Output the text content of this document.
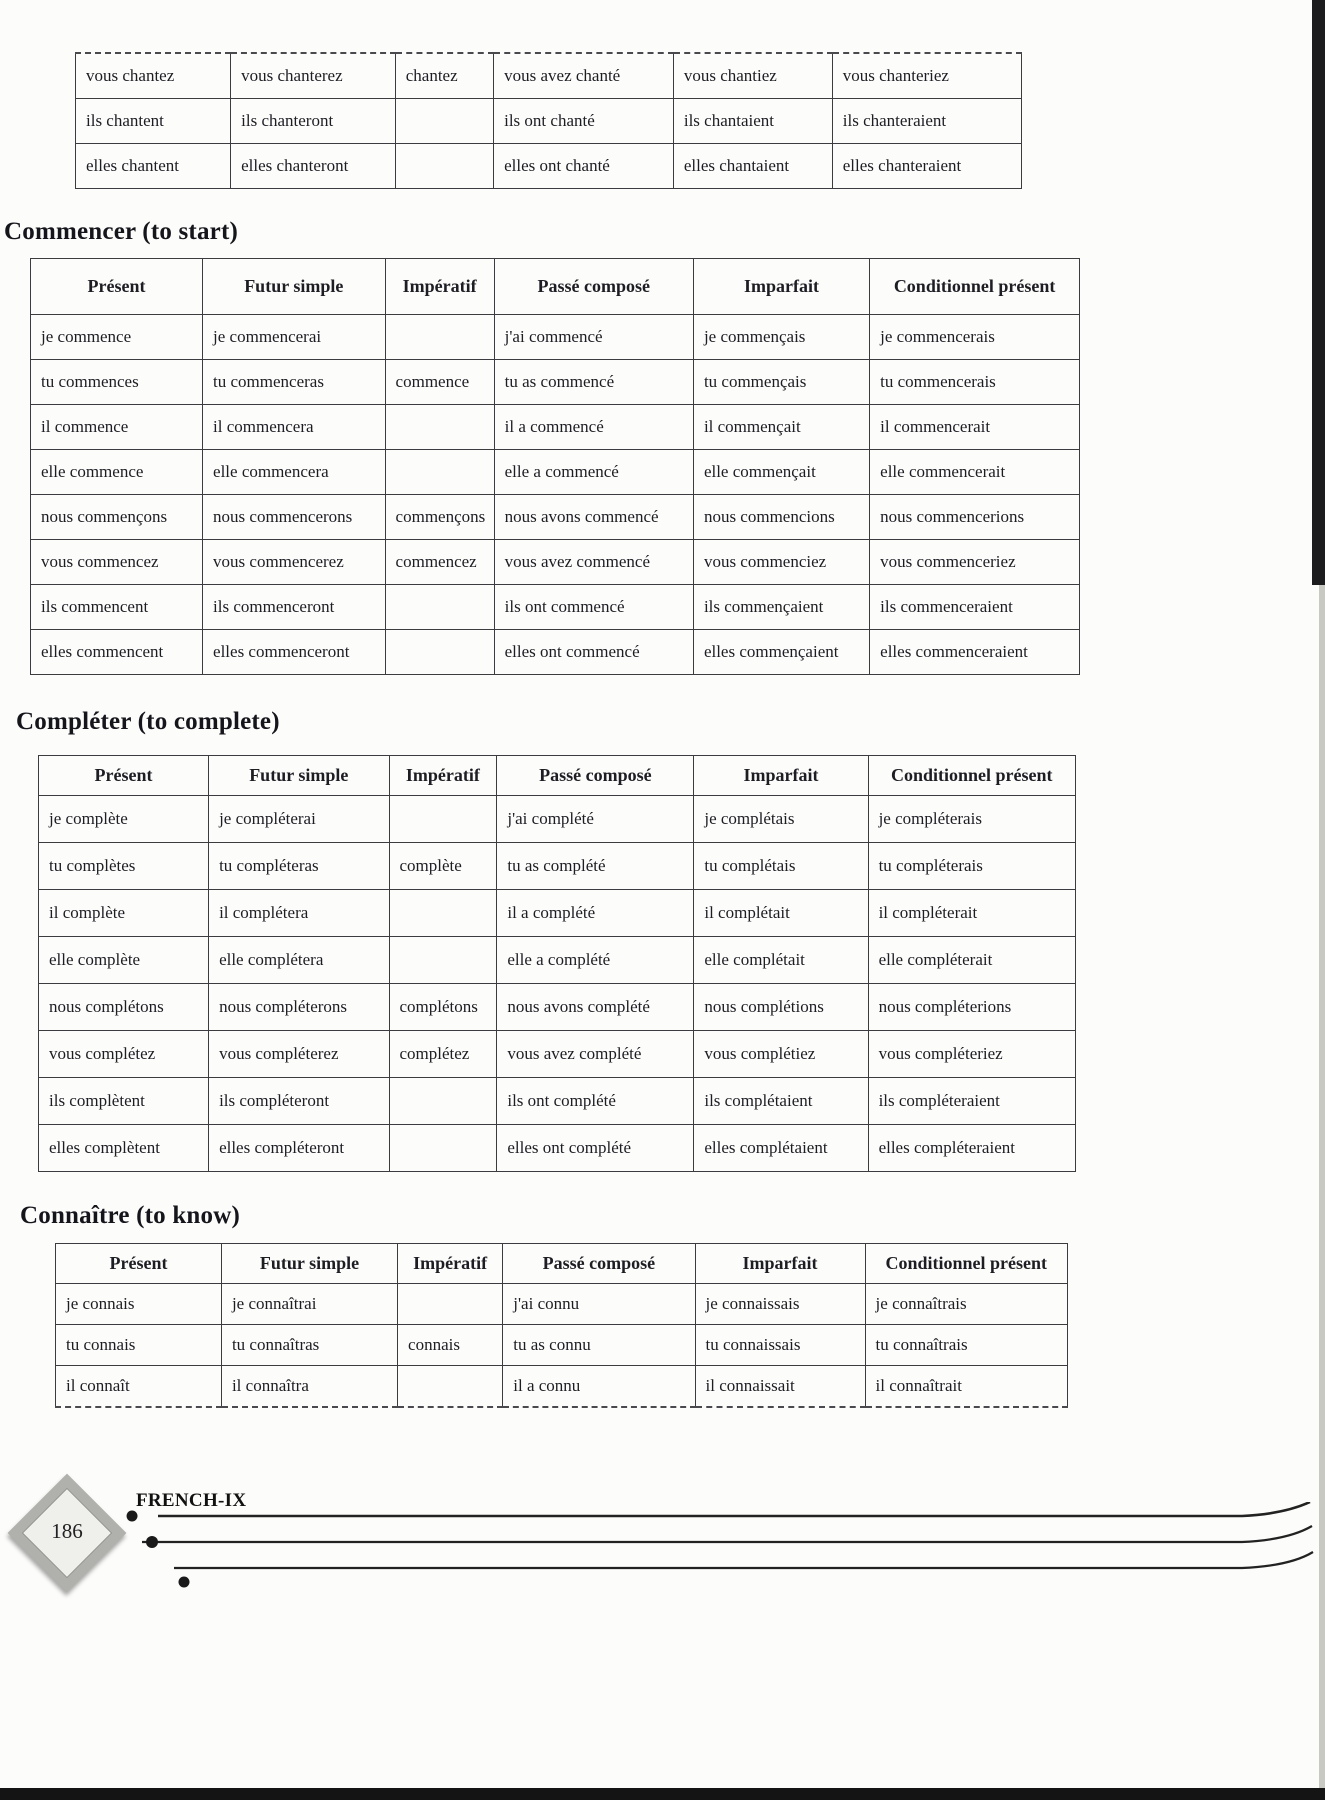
vous chantez	vous chanterez	chantez	vous avez chanté	vous chantiez	vous chanteriez
ils chantent	ils chanteront		ils ont chanté	ils chantaient	ils chanteraient
elles chantent	elles chanteront		elles ont chanté	elles chantaient	elles chanteraient
Commencer (to start)
Présent	Futur simple	Impératif	Passé composé	Imparfait	Conditionnel présent
je commence	je commencerai		j'ai commencé	je commençais	je commencerais
tu commences	tu commenceras	commence	tu as commencé	tu commençais	tu commencerais
il commence	il commencera		il a commencé	il commençait	il commencerait
elle commence	elle commencera		elle a commencé	elle commençait	elle commencerait
nous commençons	nous commencerons	commençons	nous avons commencé	nous commencions	nous commencerions
vous commencez	vous commencerez	commencez	vous avez commencé	vous commenciez	vous commenceriez
ils commencent	ils commenceront		ils ont commencé	ils commençaient	ils commenceraient
elles commencent	elles commenceront		elles ont commencé	elles commençaient	elles commenceraient
Compléter (to complete)
Présent	Futur simple	Impératif	Passé composé	Imparfait	Conditionnel présent
je complète	je compléterai		j'ai complété	je complétais	je compléterais
tu complètes	tu compléteras	complète	tu as complété	tu complétais	tu compléterais
il complète	il complétera		il a complété	il complétait	il compléterait
elle complète	elle complétera		elle a complété	elle complétait	elle compléterait
nous complétons	nous compléterons	complétons	nous avons complété	nous complétions	nous compléterions
vous complétez	vous compléterez	complétez	vous avez complété	vous complétiez	vous compléteriez
ils complètent	ils compléteront		ils ont complété	ils complétaient	ils compléteraient
elles complètent	elles compléteront		elles ont complété	elles complétaient	elles compléteraient
Connaître (to know)
Présent	Futur simple	Impératif	Passé composé	Imparfait	Conditionnel présent
je connais	je connaîtrai		j'ai connu	je connaissais	je connaîtrais
tu connais	tu connaîtras	connais	tu as connu	tu connaissais	tu connaîtrais
il connaît	il connaîtra		il a connu	il connaissait	il connaîtrait
186
FRENCH-IX
